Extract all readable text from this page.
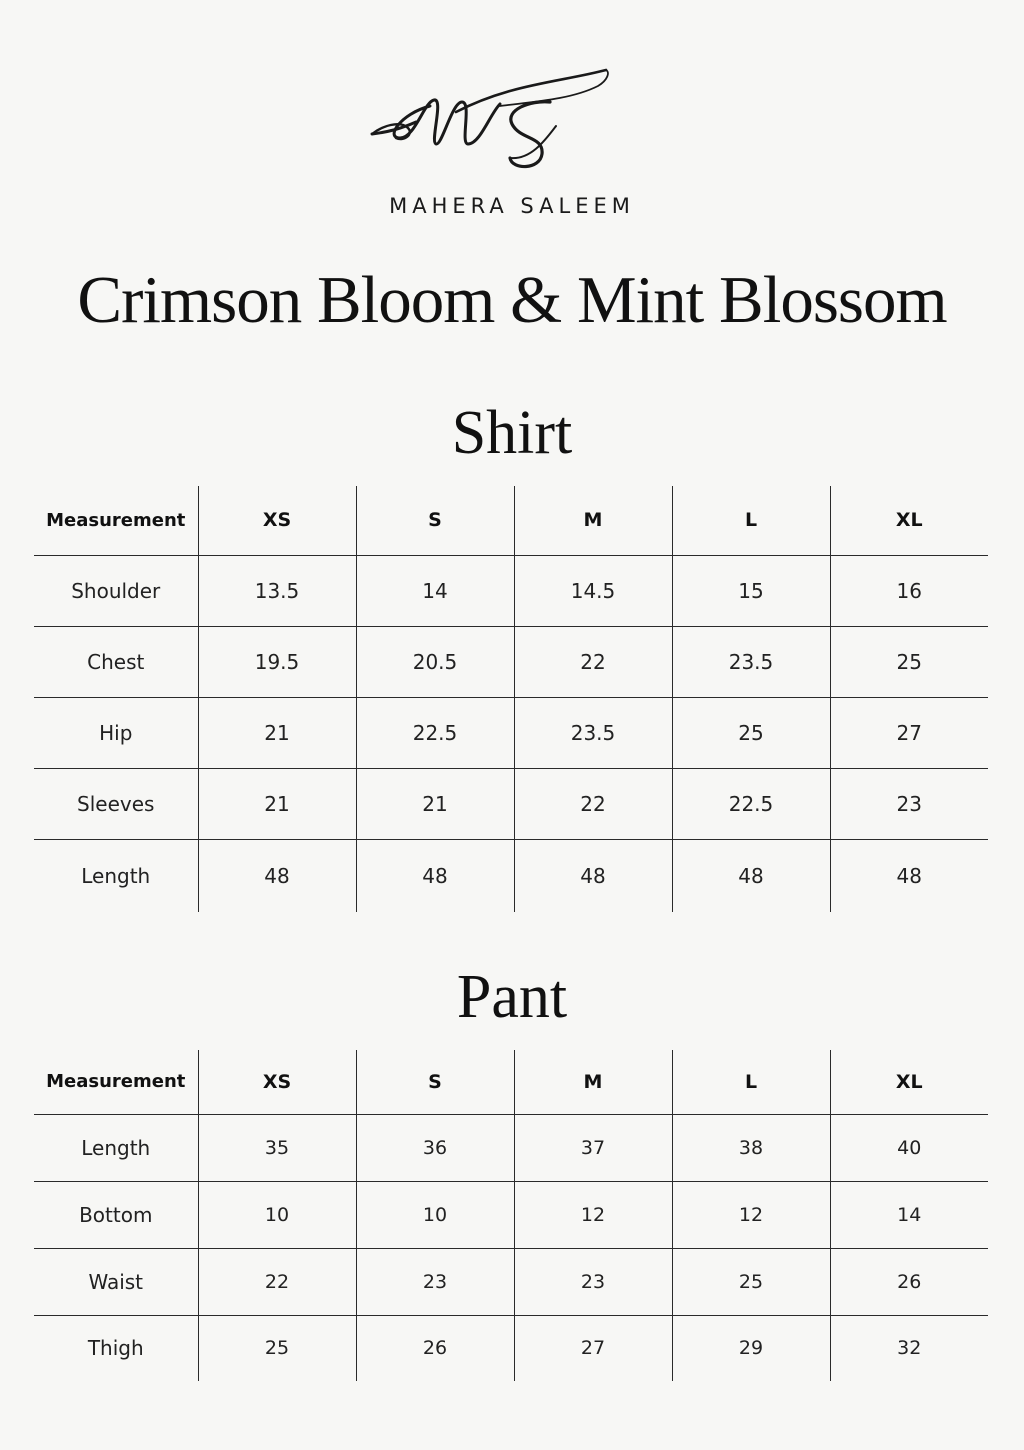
MAHERA SALEEM
Crimson Bloom & Mint Blossom
Shirt
Measurement	XS	S	M	L	XL
Shoulder	13.5	14	14.5	15	16
Chest	19.5	20.5	22	23.5	25
Hip	21	22.5	23.5	25	27
Sleeves	21	21	22	22.5	23
Length	48	48	48	48	48
Pant
Measurement	XS	S	M	L	XL
Length	35	36	37	38	40
Bottom	10	10	12	12	14
Waist	22	23	23	25	26
Thigh	25	26	27	29	32
